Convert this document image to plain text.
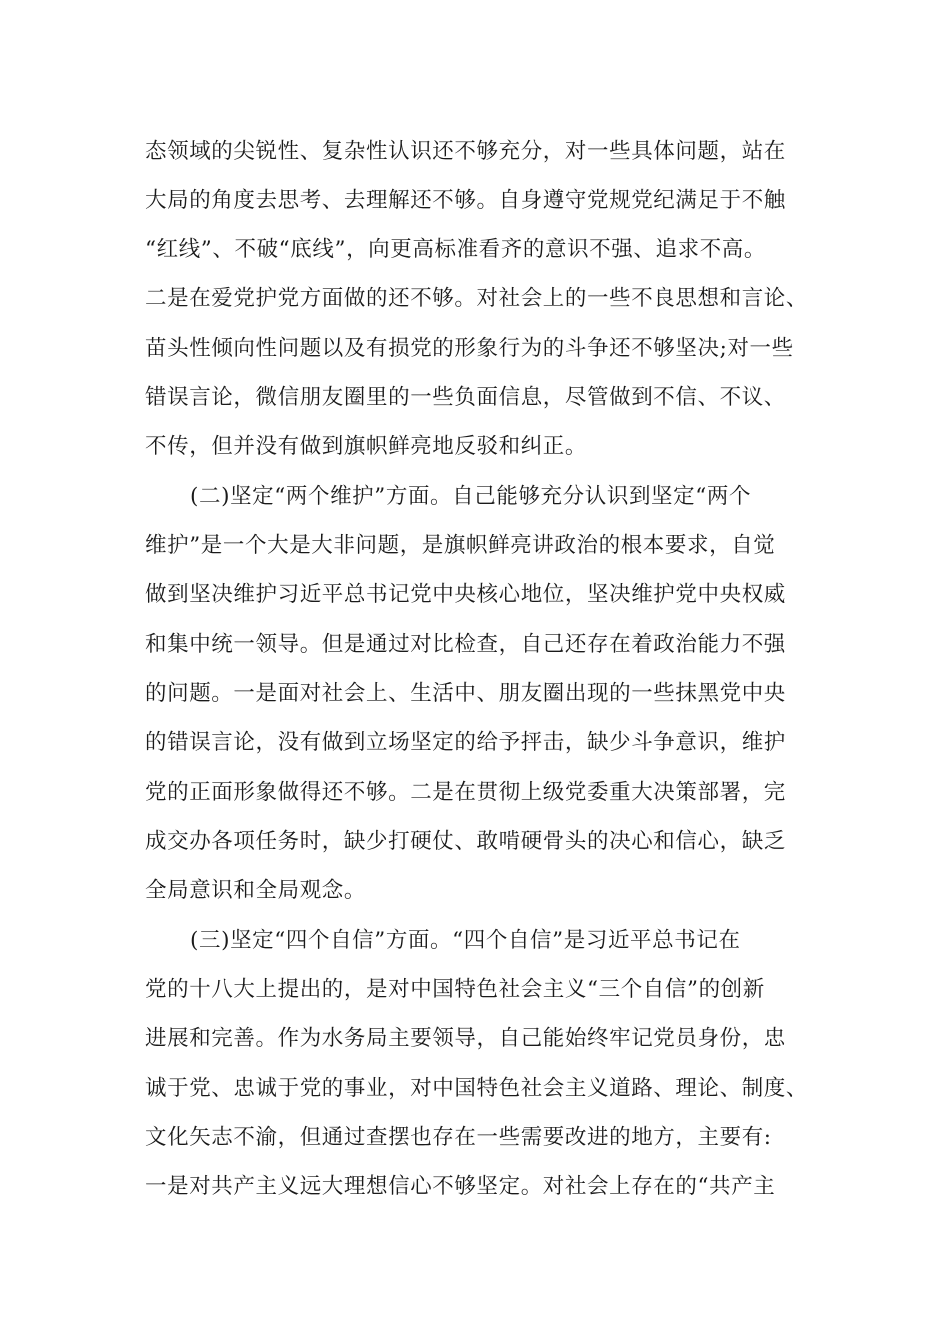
态领域的尖锐性、复杂性认识还不够充分，对一些具体问题，站在
大局的角度去思考、去理解还不够。自身遵守党规党纪满足于不触
“红线”、不破“底线”，向更高标准看齐的意识不强、追求不高。
二是在爱党护党方面做的还不够。对社会上的一些不良思想和言论、
苗头性倾向性问题以及有损党的形象行为的斗争还不够坚决;对一些
错误言论，微信朋友圈里的一些负面信息，尽管做到不信、不议、
不传，但并没有做到旗帜鲜亮地反驳和纠正。
(二)坚定“两个维护”方面。自己能够充分认识到坚定“两个
维护”是一个大是大非问题，是旗帜鲜亮讲政治的根本要求，自觉
做到坚决维护习近平总书记党中央核心地位，坚决维护党中央权威
和集中统一领导。但是通过对比检查，自己还存在着政治能力不强
的问题。一是面对社会上、生活中、朋友圈出现的一些抹黑党中央
的错误言论，没有做到立场坚定的给予抨击，缺少斗争意识，维护
党的正面形象做得还不够。二是在贯彻上级党委重大决策部署，完
成交办各项任务时，缺少打硬仗、敢啃硬骨头的决心和信心，缺乏
全局意识和全局观念。
(三)坚定“四个自信”方面。“四个自信”是习近平总书记在
党的十八大上提出的，是对中国特色社会主义“三个自信”的创新
进展和完善。作为水务局主要领导，自己能始终牢记党员身份，忠
诚于党、忠诚于党的事业，对中国特色社会主义道路、理论、制度、
文化矢志不渝，但通过查摆也存在一些需要改进的地方，主要有:
一是对共产主义远大理想信心不够坚定。对社会上存在的“共产主
